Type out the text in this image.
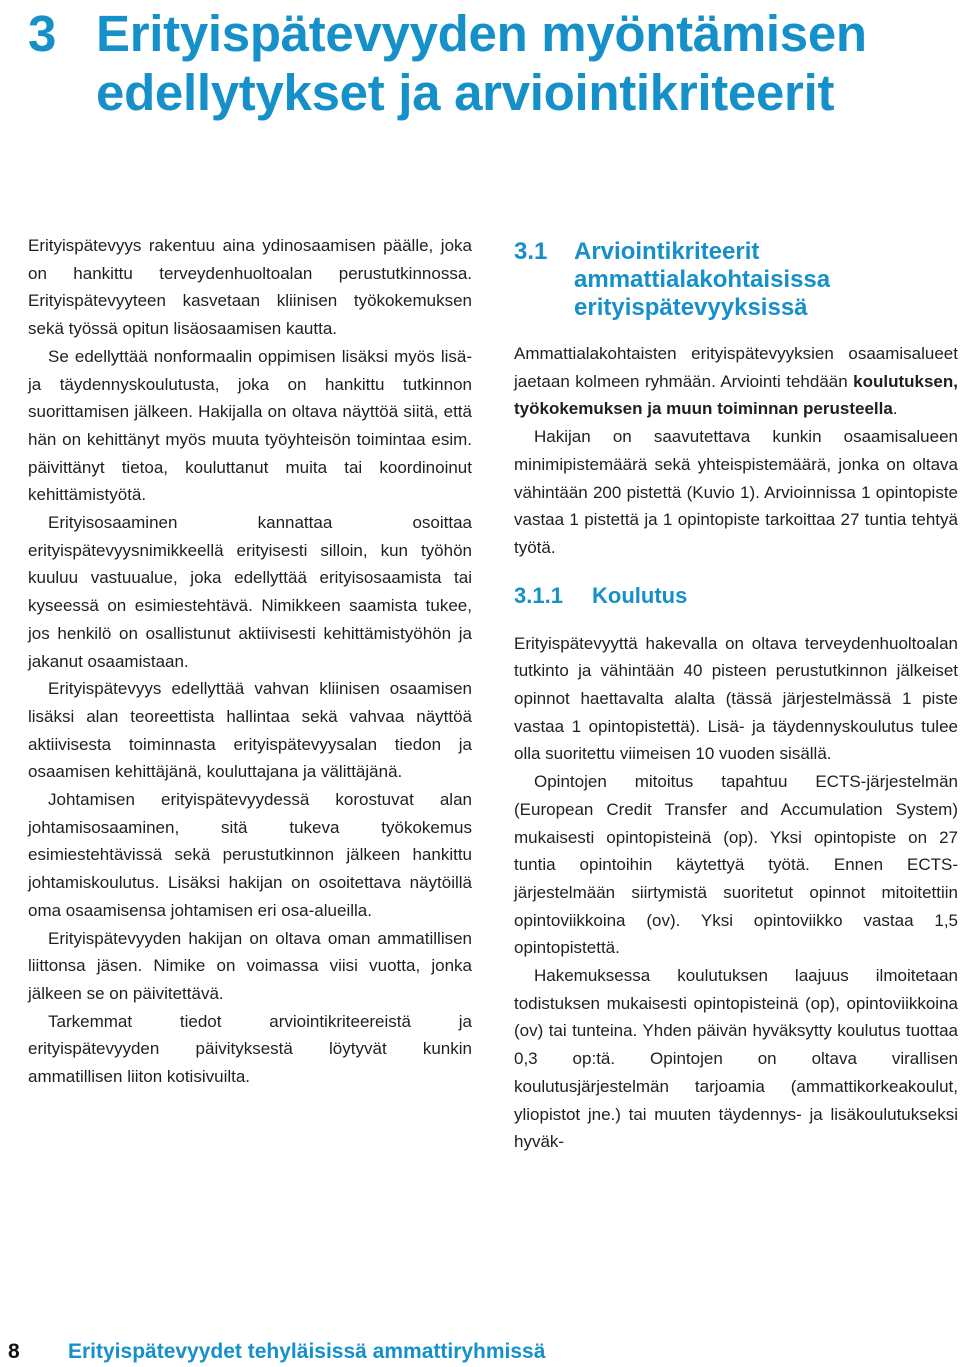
3 Erityispätevyyden myöntämisen
edellytykset ja arviointikriteerit

Erityispätevyys rakentuu aina ydinosaamisen päälle, joka on hankittu terveydenhuoltoalan perustutkinnossa. Erityispätevyyteen kasvetaan kliinisen työkokemuksen sekä työssä opitun lisäosaamisen kautta.

Se edellyttää nonformaalin oppimisen lisäksi myös lisä- ja täydennyskoulutusta, joka on hankittu tutkinnon suorittamisen jälkeen. Hakijalla on oltava näyttöä siitä, että hän on kehittänyt myös muuta työyhteisön toimintaa esim. päivittänyt tietoa, kouluttanut muita tai koordinoinut kehittämistyötä.

Erityisosaaminen kannattaa osoittaa erityispätevyysnimikkeellä erityisesti silloin, kun työhön kuuluu vastuualue, joka edellyttää erityisosaamista tai kyseessä on esimiestehtävä. Nimikkeen saamista tukee, jos henkilö on osallistunut aktiivisesti kehittämistyöhön ja jakanut osaamistaan.

Erityispätevyys edellyttää vahvan kliinisen osaamisen lisäksi alan teoreettista hallintaa sekä vahvaa näyttöä aktiivisesta toiminnasta erityispätevyysalan tiedon ja osaamisen kehittäjänä, kouluttajana ja välittäjänä.

Johtamisen erityispätevyydessä korostuvat alan johtamisosaaminen, sitä tukeva työkokemus esimiestehtävissä sekä perustutkinnon jälkeen hankittu johtamiskoulutus. Lisäksi hakijan on osoitettava näytöillä oma osaamisensa johtamisen eri osa-alueilla.

Erityispätevyyden hakijan on oltava oman ammatillisen liittonsa jäsen. Nimike on voimassa viisi vuotta, jonka jälkeen se on päivitettävä.

Tarkemmat tiedot arviointikriteereistä ja erityispätevyyden päivityksestä löytyvät kunkin ammatillisen liiton kotisivuilta.

3.1	Arviointikriteerit ammattialakohtaisissa erityispätevyyksissä

Ammattialakohtaisten erityispätevyyksien osaamisalueet jaetaan kolmeen ryhmään. Arviointi tehdään koulutuksen, työkokemuksen ja muun toiminnan perusteella.

Hakijan on saavutettava kunkin osaamisalueen minimipistemäärä sekä yhteispistemäärä, jonka on oltava vähintään 200 pistettä (Kuvio 1). Arvioinnissa 1 opintopiste vastaa 1 pistettä ja 1 opintopiste tarkoittaa 27 tuntia tehtyä työtä.

3.1.1	Koulutus

Erityispätevyyttä hakevalla on oltava terveydenhuoltoalan tutkinto ja vähintään 40 pisteen perustutkinnon jälkeiset opinnot haettavalta alalta (tässä järjestelmässä 1 piste vastaa 1 opintopistettä). Lisä- ja täydennyskoulutus tulee olla suoritettu viimeisen 10 vuoden sisällä.

Opintojen mitoitus tapahtuu ECTS-järjestelmän (European Credit Transfer and Accumulation System) mukaisesti opintopisteinä (op). Yksi opintopiste on 27 tuntia opintoihin käytettyä työtä. Ennen ECTS-järjestelmään siirtymistä suoritetut opinnot mitoitettiin opintoviikkoina (ov). Yksi opintoviikko vastaa 1,5 opintopistettä.

Hakemuksessa koulutuksen laajuus ilmoitetaan todistuksen mukaisesti opintopisteinä (op), opintoviikkoina (ov) tai tunteina. Yhden päivän hyväksytty koulutus tuottaa 0,3 op:tä. Opintojen on oltava virallisen koulutusjärjestelmän tarjoamia (ammattikorkeakoulut, yliopistot jne.) tai muuten täydennys- ja lisäkoulutukseksi hyväk-

8 Erityispätevyydet tehyläisissä ammattiryhmissä
